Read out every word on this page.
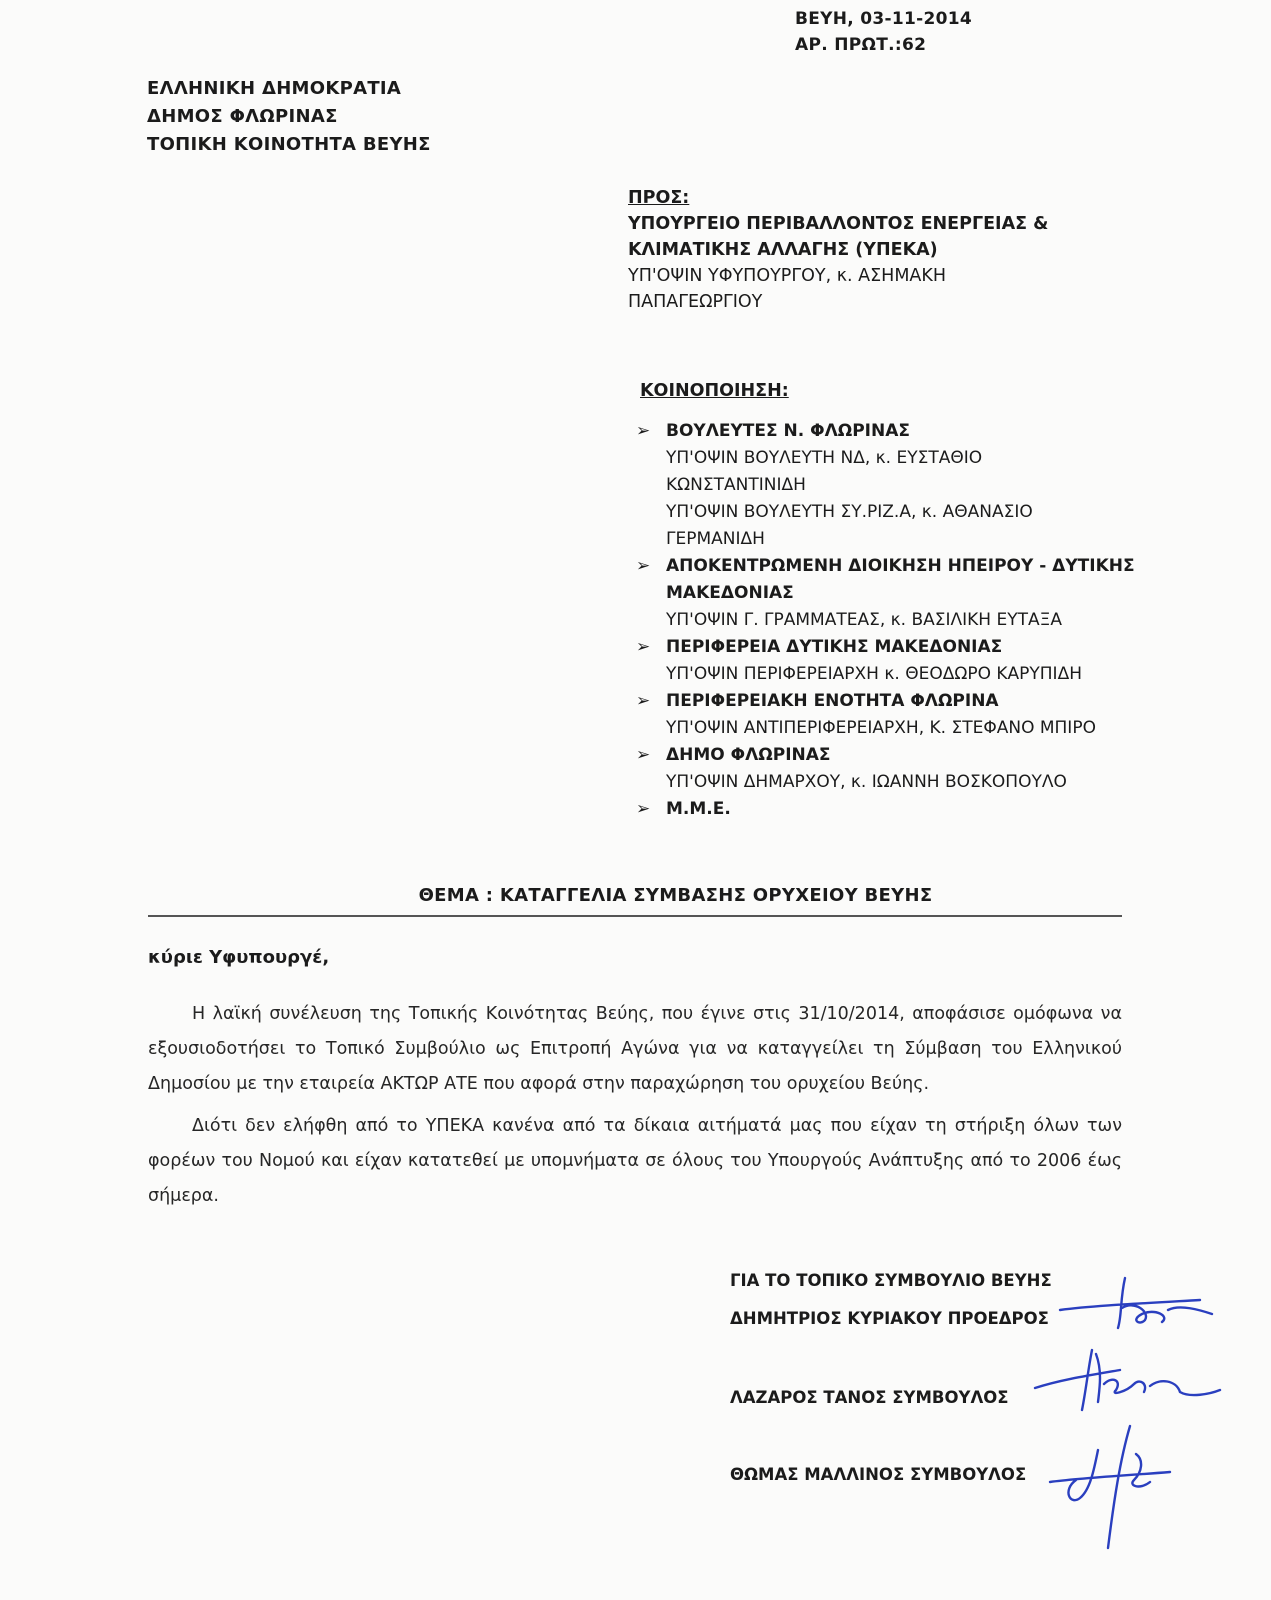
ΒΕΥΗ, 03-11-2014
ΑΡ. ΠΡΩΤ.:62
ΕΛΛΗΝΙΚΗ ΔΗΜΟΚΡΑΤΙΑ
ΔΗΜΟΣ ΦΛΩΡΙΝΑΣ
ΤΟΠΙΚΗ ΚΟΙΝΟΤΗΤΑ ΒΕΥΗΣ
ΠΡΟΣ:
ΥΠΟΥΡΓΕΙΟ ΠΕΡΙΒΑΛΛΟΝΤΟΣ ΕΝΕΡΓΕΙΑΣ &
ΚΛΙΜΑΤΙΚΗΣ ΑΛΛΑΓΗΣ (ΥΠΕΚΑ)
ΥΠ'ΟΨΙΝ ΥΦΥΠΟΥΡΓΟΥ, κ. ΑΣΗΜΑΚΗ
ΠΑΠΑΓΕΩΡΓΙΟΥ
ΚΟΙΝΟΠΟΙΗΣΗ:
➢ ΒΟΥΛΕΥΤΕΣ Ν. ΦΛΩΡΙΝΑΣ
ΥΠ'ΟΨΙΝ ΒΟΥΛΕΥΤΗ ΝΔ, κ. ΕΥΣΤΑΘΙΟ
ΚΩΝΣΤΑΝΤΙΝΙΔΗ
ΥΠ'ΟΨΙΝ ΒΟΥΛΕΥΤΗ ΣΥ.ΡΙΖ.Α, κ. ΑΘΑΝΑΣΙΟ
ΓΕΡΜΑΝΙΔΗ
➢ ΑΠΟΚΕΝΤΡΩΜΕΝΗ ΔΙΟΙΚΗΣΗ ΗΠΕΙΡΟΥ - ΔΥΤΙΚΗΣ
ΜΑΚΕΔΟΝΙΑΣ
ΥΠ'ΟΨΙΝ Γ. ΓΡΑΜΜΑΤΕΑΣ, κ. ΒΑΣΙΛΙΚΗ ΕΥΤΑΞΑ
➢ ΠΕΡΙΦΕΡΕΙΑ ΔΥΤΙΚΗΣ ΜΑΚΕΔΟΝΙΑΣ
ΥΠ'ΟΨΙΝ ΠΕΡΙΦΕΡΕΙΑΡΧΗ κ. ΘΕΟΔΩΡΟ ΚΑΡΥΠΙΔΗ
➢ ΠΕΡΙΦΕΡΕΙΑΚΗ ΕΝΟΤΗΤΑ ΦΛΩΡΙΝΑ
ΥΠ'ΟΨΙΝ ΑΝΤΙΠΕΡΙΦΕΡΕΙΑΡΧΗ, Κ. ΣΤΕΦΑΝΟ ΜΠΙΡΟ
➢ ΔΗΜΟ ΦΛΩΡΙΝΑΣ
ΥΠ'ΟΨΙΝ ΔΗΜΑΡΧΟΥ, κ. ΙΩΑΝΝΗ ΒΟΣΚΟΠΟΥΛΟ
➢ Μ.Μ.Ε.
ΘΕΜΑ : ΚΑΤΑΓΓΕΛΙΑ ΣΥΜΒΑΣΗΣ ΟΡΥΧΕΙΟΥ ΒΕΥΗΣ
κύριε Υφυπουργέ,

Η λαϊκή συνέλευση της Τοπικής Κοινότητας Βεύης, που έγινε στις 31/10/2014, αποφάσισε ομόφωνα να εξουσιοδοτήσει το Τοπικό Συμβούλιο ως Επιτροπή Αγώνα για να καταγγείλει τη Σύμβαση του Ελληνικού Δημοσίου με την εταιρεία ΑΚΤΩΡ ΑΤΕ που αφορά στην παραχώρηση του ορυχείου Βεύης.

Διότι δεν ελήφθη από το ΥΠΕΚΑ κανένα από τα δίκαια αιτήματά μας που είχαν τη στήριξη όλων των φορέων του Νομού και είχαν κατατεθεί με υπομνήματα σε όλους του Υπουργούς Ανάπτυξης από το 2006 έως σήμερα.

ΓΙΑ ΤΟ ΤΟΠΙΚΟ ΣΥΜΒΟΥΛΙΟ ΒΕΥΗΣ
ΔΗΜΗΤΡΙΟΣ ΚΥΡΙΑΚΟΥ ΠΡΟΕΔΡΟΣ
ΛΑΖΑΡΟΣ ΤΑΝΟΣ ΣΥΜΒΟΥΛΟΣ
ΘΩΜΑΣ ΜΑΛΛΙΝΟΣ ΣΥΜΒΟΥΛΟΣ
